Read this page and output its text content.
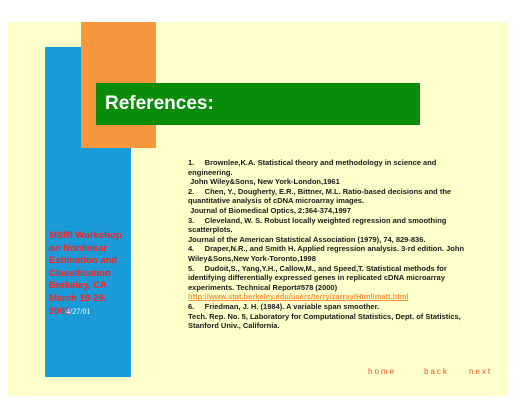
References:
MSRI Workshop
on Nonlinear
Estimation and
Classification
Berkeley, CA
March 19-29,
2001
4/27/01
1.     Brownlee,K.A. Statistical theory and methodology in science and engineering.
John Wiley&Sons, New York-London,1961
2.     Chen, Y., Dougherty, E.R., Bittner, M.L. Ratio-based decisions and the quantitative analysis of cDNA microarray images.
Journal of Biomedical Optics, 2:364-374,1997
3.     Cleveland, W. S. Robust locally weighted regression and smoothing scatterplots.
Journal of the American Statistical Association (1979), 74, 829-836.
4.     Draper,N.R., and Smith H. Applied regression analysis. 3-rd edition. John Wiley&Sons,New York-Toronto,1998
5.     Dudoit,S., Yang,Y.H., Callow,M., and Speed,T. Statistical methods for identifying differentially expressed genes in replicated cDNA microarray experiments. Technical Report#578 (2000)
http://www.stat.berkeley.edu/users/terry/zarray/Html/matt.html
6.     Friedman, J. H. (1984). A variable span smoother.
Tech. Rep. No. 5, Laboratory for Computational Statistics, Dept. of Statistics, Stanford Univ., California.
home	back	next
